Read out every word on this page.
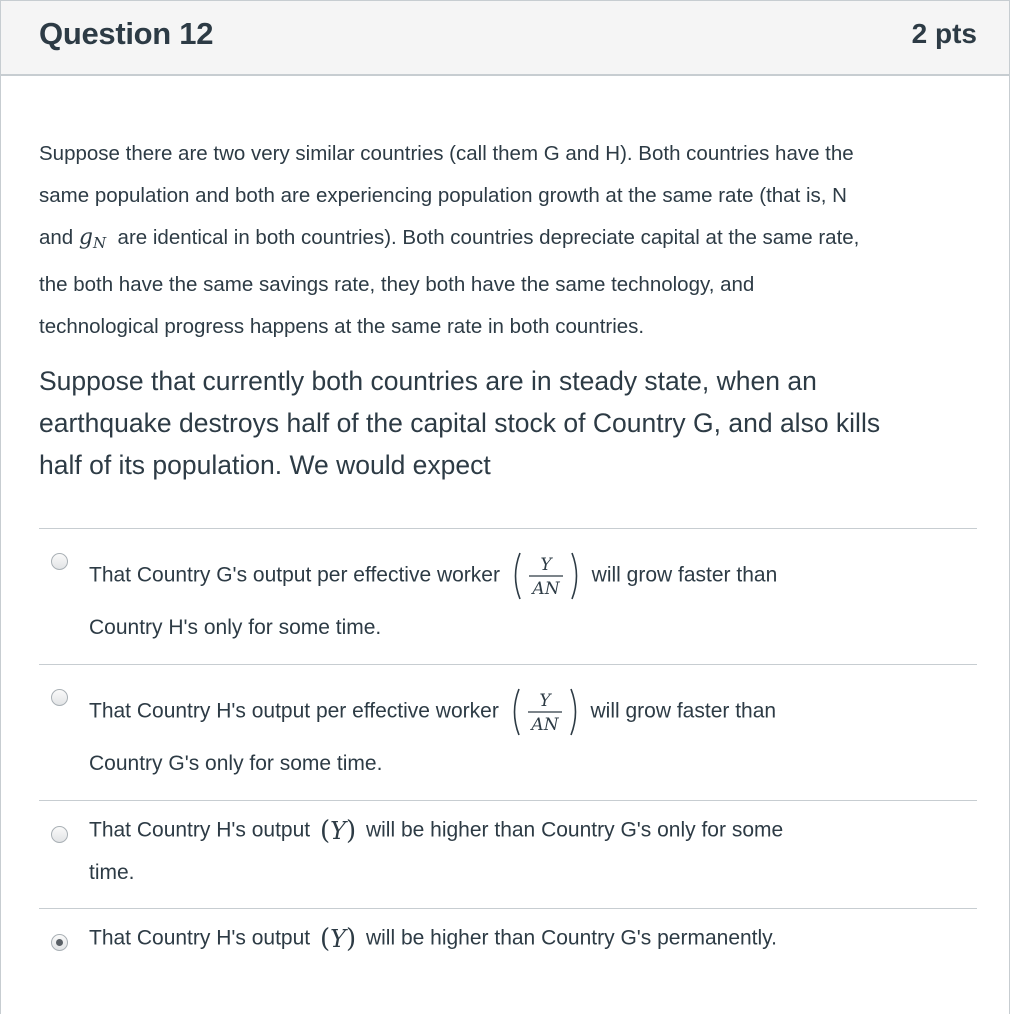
Question 12	2 pts
Suppose there are two very similar countries (call them G and H). Both countries have the
same population and both are experiencing population growth at the same rate (that is, N
and $g_N$ are identical in both countries). Both countries depreciate capital at the same rate,
the both have the same savings rate, they both have the same technology, and
technological progress happens at the same rate in both countries.
Suppose that currently both countries are in steady state, when an
earthquake destroys half of the capital stock of Country G, and also kills
half of its population. We would expect
That Country G's output per effective worker Y
AN
will grow faster than
Country H's only for some time.
That Country H's output per effective worker Y
AN
will grow faster than
Country G's only for some time.
That Country H's output (Y) will be higher than Country G's only for some
time.
That Country H's output (Y) will be higher than Country G's permanently.
